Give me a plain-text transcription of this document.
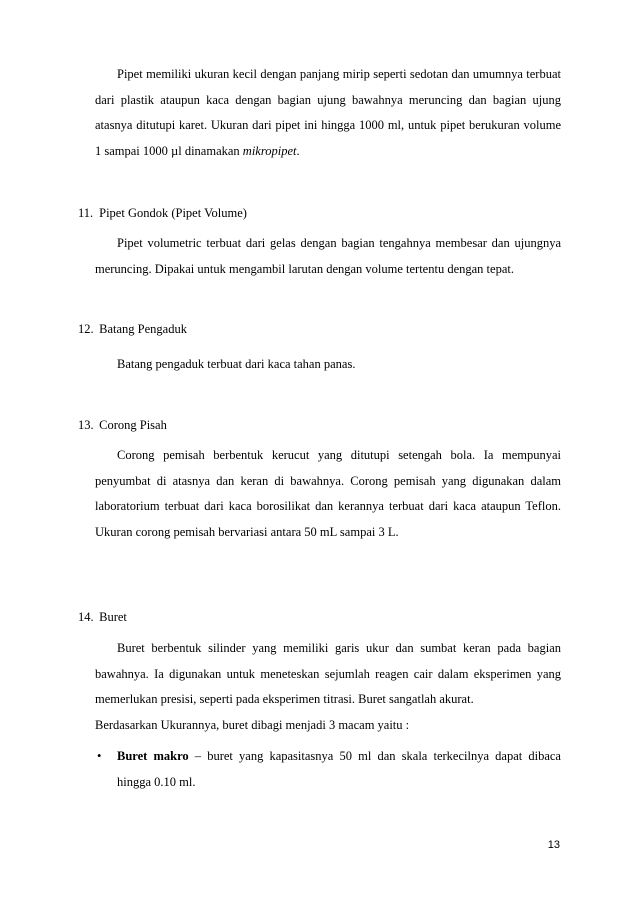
Pipet memiliki ukuran kecil dengan panjang mirip seperti sedotan dan umumnya terbuat dari plastik ataupun kaca dengan bagian ujung bawahnya meruncing dan bagian ujung atasnya ditutupi karet. Ukuran dari pipet ini hingga 1000 ml, untuk pipet berukuran volume 1 sampai 1000 µl dinamakan mikropipet.
11. Pipet Gondok (Pipet Volume)
Pipet volumetric terbuat dari gelas dengan bagian tengahnya membesar dan ujungnya meruncing. Dipakai untuk mengambil larutan dengan volume tertentu dengan tepat.
12. Batang Pengaduk
Batang pengaduk terbuat dari kaca tahan panas.
13. Corong Pisah
Corong pemisah berbentuk kerucut yang ditutupi setengah bola. Ia mempunyai penyumbat di atasnya dan keran di bawahnya. Corong pemisah yang digunakan dalam laboratorium terbuat dari kaca borosilikat dan kerannya terbuat dari kaca ataupun Teflon. Ukuran corong pemisah bervariasi antara 50 mL sampai 3 L.
14. Buret
Buret berbentuk silinder yang memiliki garis ukur dan sumbat keran pada bagian bawahnya. Ia digunakan untuk meneteskan sejumlah reagen cair dalam eksperimen yang memerlukan presisi, seperti pada eksperimen titrasi. Buret sangatlah akurat.
Berdasarkan Ukurannya, buret dibagi menjadi 3 macam yaitu :
• Buret makro – buret yang kapasitasnya 50 ml dan skala terkecilnya dapat dibaca hingga 0.10 ml.
13
